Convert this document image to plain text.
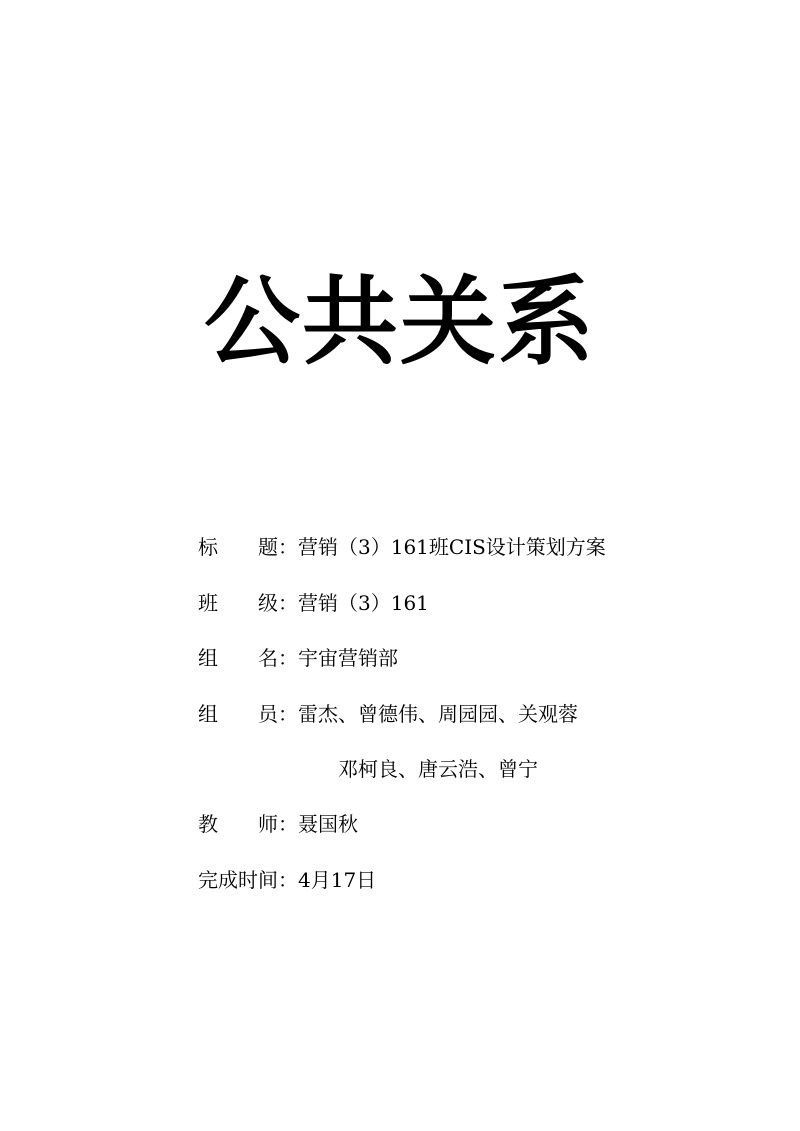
公共关系
标 题 ： 营销（3）161班CIS设计策划方案
班 级 ： 营销（3）161
组 名 ： 宇宙营销部
组 员 ： 雷杰、曾德伟、周园园、关观蓉
邓柯良、唐云浩、曾宁
教 师 ： 聂国秋
完成时间 ： 4月17日
